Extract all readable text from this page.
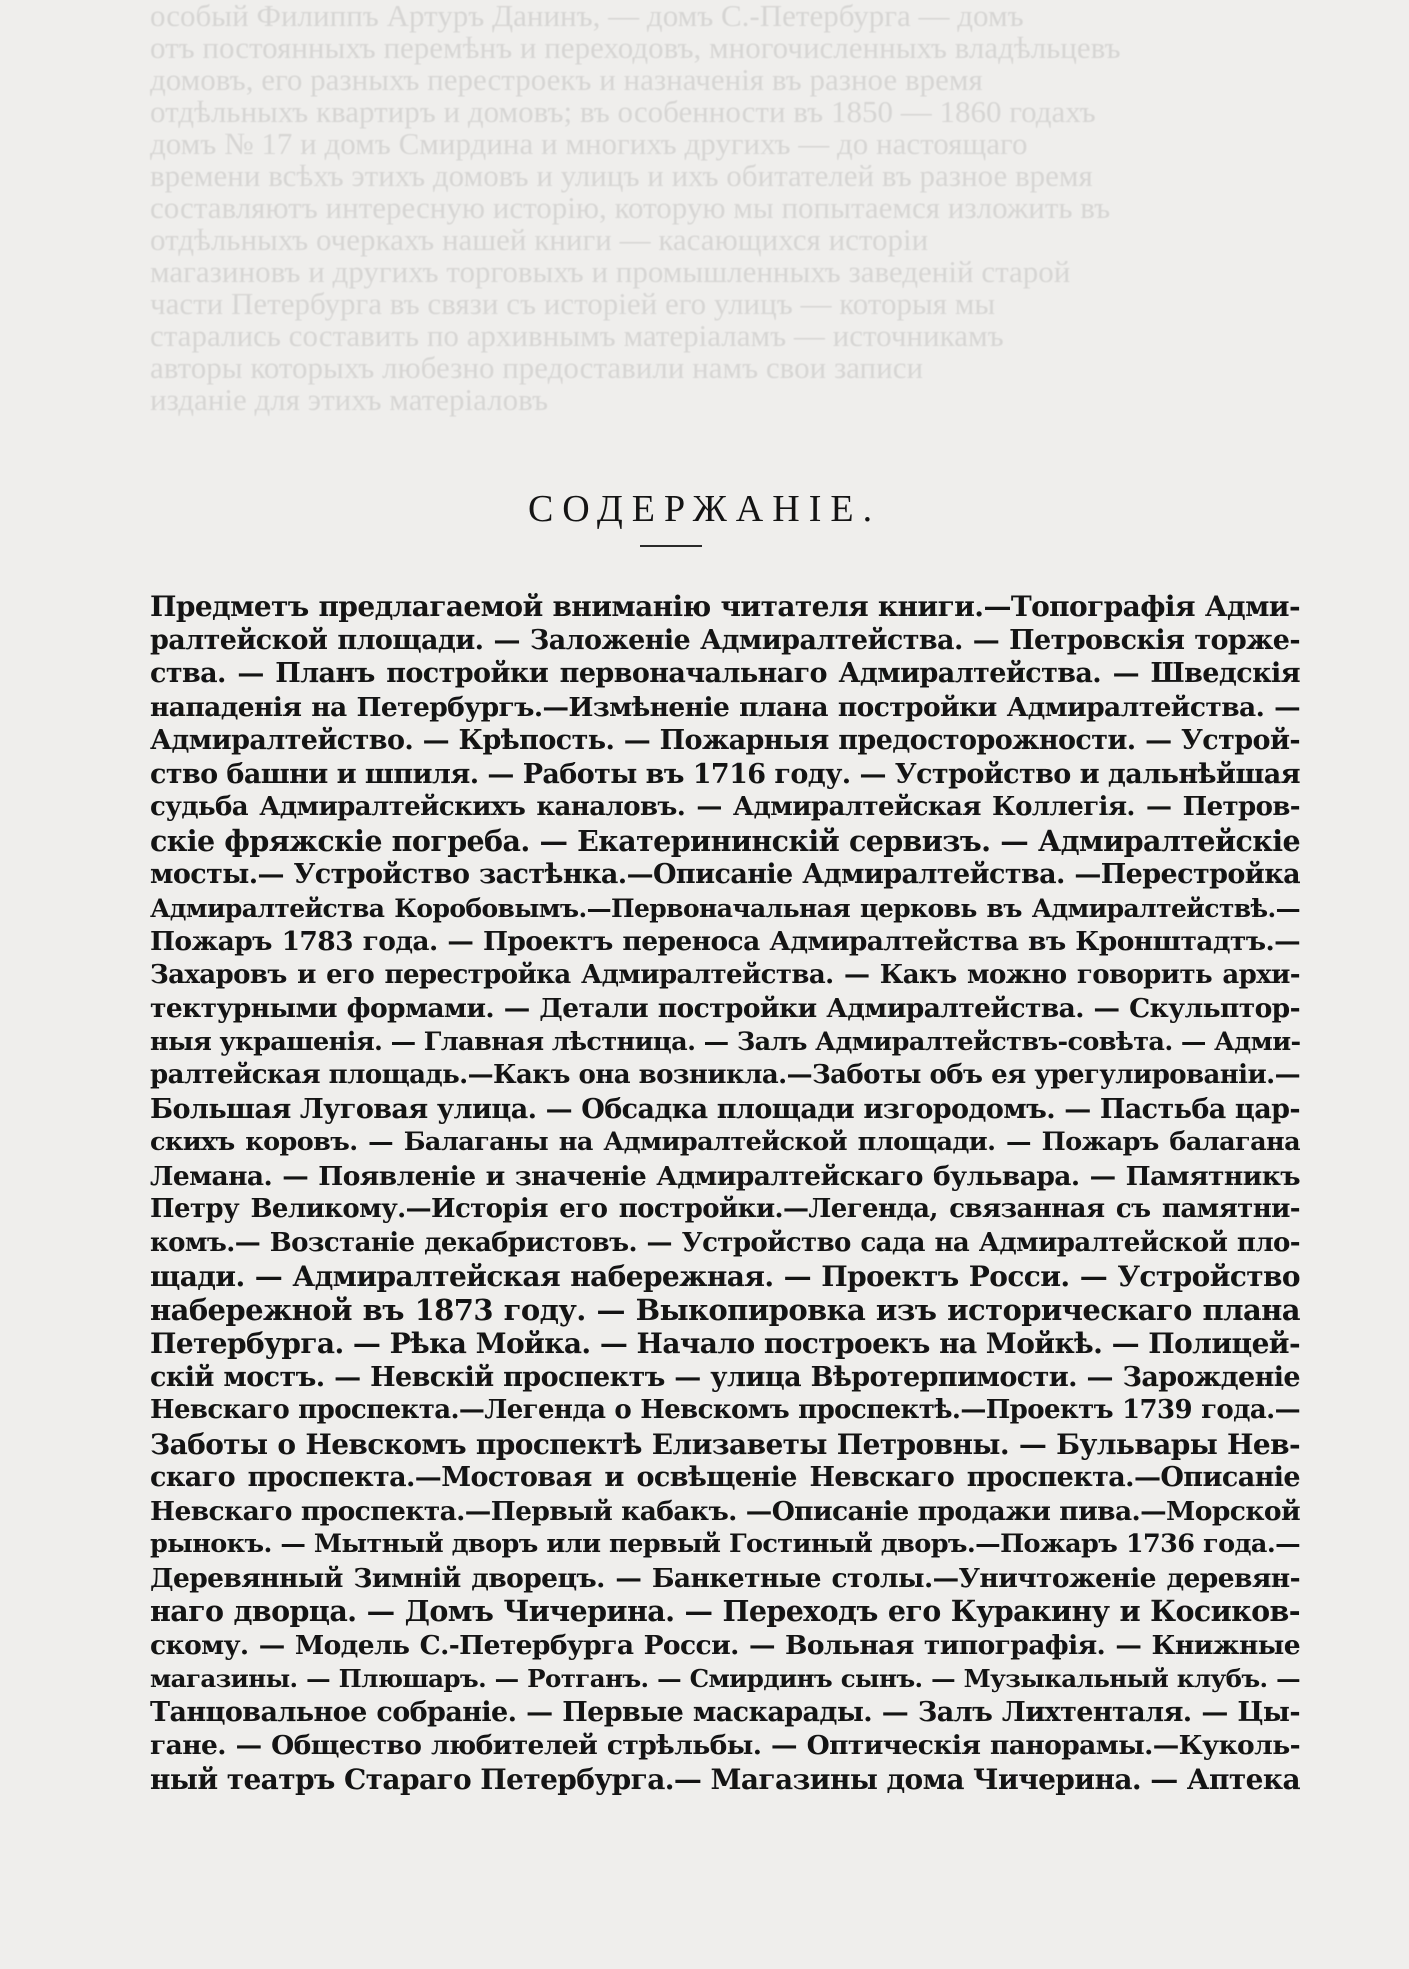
особый Филиппъ Артуръ Данинъ, — домъ С.-Петербурга — домъ
отъ постоянныхъ перемѣнъ и переходовъ, многочисленныхъ владѣльцевъ
домовъ, его разныхъ перестроекъ и назначенія въ разное время
отдѣльныхъ квартиръ и домовъ; въ особенности въ 1850 — 1860 годахъ
домъ № 17 и домъ Смирдина и многихъ другихъ — до настоящаго
времени всѣхъ этихъ домовъ и улицъ и ихъ обитателей въ разное время
составляютъ интересную исторію, которую мы попытаемся изложить въ
отдѣльныхъ очеркахъ нашей книги — касающихся исторіи
магазиновъ и другихъ торговыхъ и промышленныхъ заведеній старой
части Петербурга въ связи съ исторіей его улицъ — которыя мы
старались составить по архивнымъ матеріаламъ — источникамъ
авторы которыхъ любезно предоставили намъ свои записи
изданіе для этихъ матеріаловъ
СОДЕРЖАНІЕ.
Предметъ предлагаемой вниманію читателя книги.—Топографія Адми-
ралтейской площади. — Заложеніе Адмиралтейства. — Петровскія торже-
ства. — Планъ постройки первоначальнаго Адмиралтейства. — Шведскія
нападенія на Петербургъ.—Измѣненіе плана постройки Адмиралтейства. —
Адмиралтейство. — Крѣпость. — Пожарныя предосторожности. — Устрой-
ство башни и шпиля. — Работы въ 1716 году. — Устройство и дальнѣйшая
судьба Адмиралтейскихъ каналовъ. — Адмиралтейская Коллегія. — Петров-
скіе фряжскіе погреба. — Екатерининскій сервизъ. — Адмиралтейскіе
мосты.— Устройство застѣнка.—Описаніе Адмиралтейства. —Перестройка
Адмиралтейства Коробовымъ.—Первоначальная церковь въ Адмиралтействѣ.—
Пожаръ 1783 года. — Проектъ переноса Адмиралтейства въ Кронштадтъ.—
Захаровъ и его перестройка Адмиралтейства. — Какъ можно говорить архи-
тектурными формами. — Детали постройки Адмиралтейства. — Скульптор-
ныя украшенія. — Главная лѣстница. — Залъ Адмиралтействъ-совѣта. — Адми-
ралтейская площадь.—Какъ она возникла.—Заботы объ ея урегулированіи.—
Большая Луговая улица. — Обсадка площади изгородомъ. — Пастьба цар-
скихъ коровъ. — Балаганы на Адмиралтейской площади. — Пожаръ балагана
Лемана. — Появленіе и значеніе Адмиралтейскаго бульвара. — Памятникъ
Петру Великому.—Исторія его постройки.—Легенда, связанная съ памятни-
комъ.— Возстаніе декабристовъ. — Устройство сада на Адмиралтейской пло-
щади. — Адмиралтейская набережная. — Проектъ Росси. — Устройство
набережной въ 1873 году. — Выкопировка изъ историческаго плана
Петербурга. — Рѣка Мойка. — Начало построекъ на Мойкѣ. — Полицей-
скій мостъ. — Невскій проспектъ — улица Вѣротерпимости. — Зарожденіе
Невскаго проспекта.—Легенда о Невскомъ проспектѣ.—Проектъ 1739 года.—
Заботы о Невскомъ проспектѣ Елизаветы Петровны. — Бульвары Нев-
скаго проспекта.—Мостовая и освѣщеніе Невскаго проспекта.—Описаніе
Невскаго проспекта.—Первый кабакъ. —Описаніе продажи пива.—Морской
рынокъ. — Мытный дворъ или первый Гостиный дворъ.—Пожаръ 1736 года.—
Деревянный Зимній дворецъ. — Банкетные столы.—Уничтоженіе деревян-
наго дворца. — Домъ Чичерина. — Переходъ его Куракину и Косиков-
скому. — Модель С.-Петербурга Росси. — Вольная типографія. — Книжные
магазины. — Плюшаръ. — Ротганъ. — Смирдинъ сынъ. — Музыкальный клубъ. —
Танцовальное собраніе. — Первые маскарады. — Залъ Лихтенталя. — Цы-
гане. — Общество любителей стрѣльбы. — Оптическія панорамы.—Куколь-
ный театръ Стараго Петербурга.— Магазины дома Чичерина. — Аптека
